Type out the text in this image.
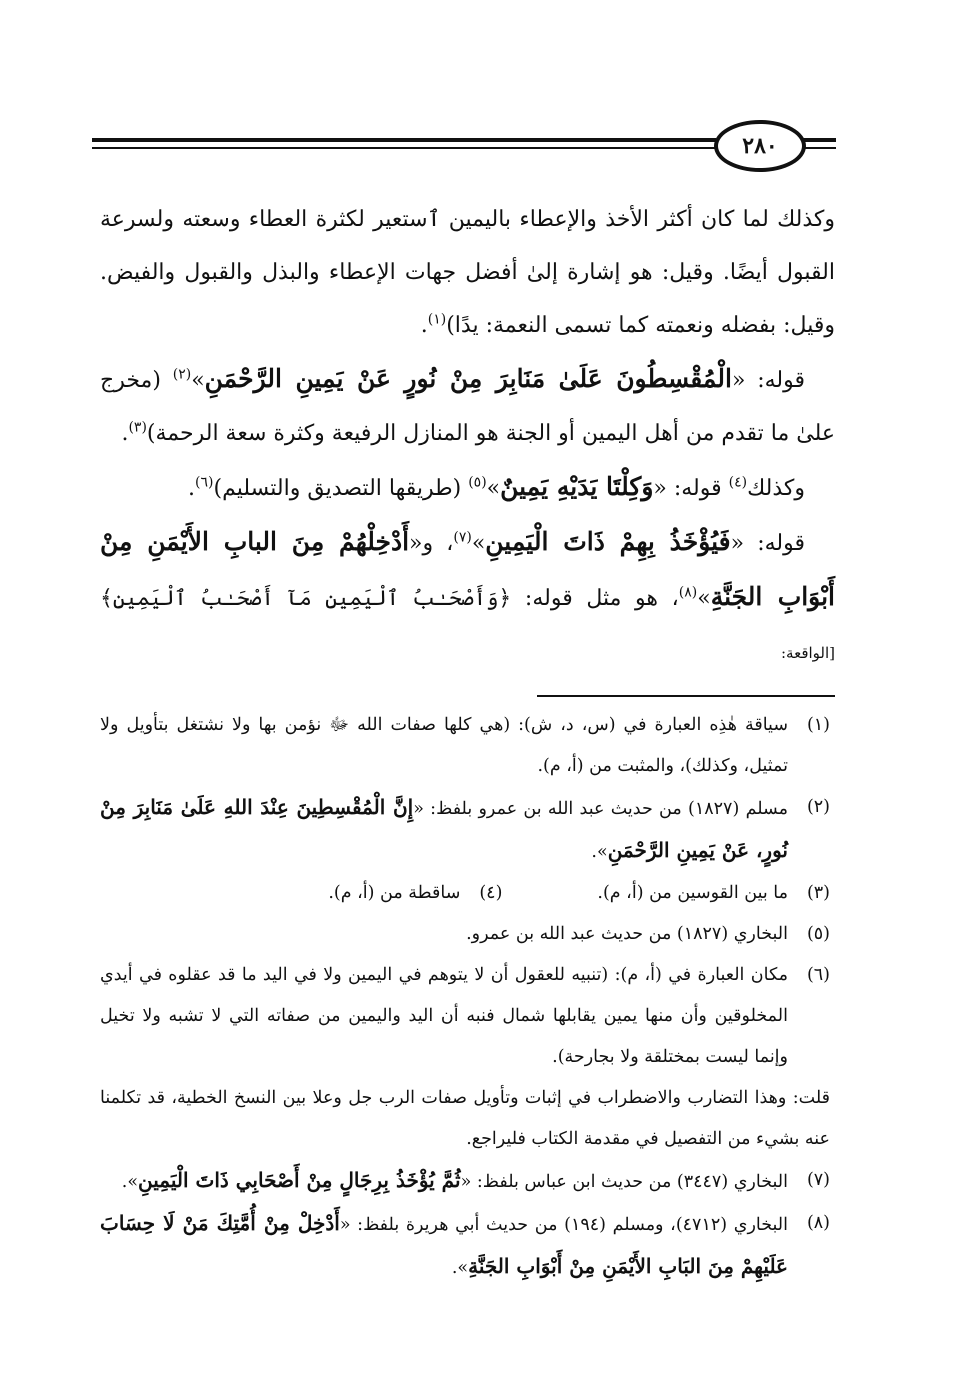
٢٨٠

وكذلك لما كان أكثر الأخذ والإعطاء باليمين ٱستعير لكثرة العطاء وسعته ولسرعة القبول أيضًا. وقيل: هو إشارة إلىٰ أفضل جهات الإعطاء والبذل والقبول والفيض. وقيل: بفضله ونعمته كما تسمى النعمة: يدًا)$^{(١)}$.

قوله: «الْمُقْسِطُونَ عَلَىٰ مَنَابِرَ مِنْ نُورٍ عَنْ يَمِينِ الرَّحْمَنِ»$^{(٢)}$ (مخرج علىٰ ما تقدم من أهل اليمين أو الجنة هو المنازل الرفيعة وكثرة سعة الرحمة)$^{(٣)}$.

وكذلك$^{(٤)}$ قوله: «وَكِلْتَا يَدَيْهِ يَمِينٌ»$^{(٥)}$ (طريقها التصديق والتسليم)$^{(٦)}$.

قوله: «فَيُؤْخَذُ بِهِمْ ذَاتَ الْيَمِينِ»$^{(٧)}$، و«أَدْخِلْهُمْ مِنَ البابِ الأَيْمَنِ مِنْ أَبْوَابِ الجَنَّةِ»$^{(٨)}$، هو مثل قوله: ﴿وَأَصْحَـٰبُ ٱلْيَمِينِ مَآ أَصْحَـٰبُ ٱلْيَمِينِ﴾ [الواقعة:

(١)
سياقة هٰذِه العبارة في (س، د، ش): (هي كلها صفات الله ﷻ نؤمن بها ولا نشتغل بتأويل ولا تمثيل، وكذلك)، والمثبت من (أ، م).
(٢)
مسلم (١٨٢٧) من حديث عبد الله بن عمرو بلفظ: «إِنَّ الْمُقْسِطِينَ عِنْدَ اللهِ عَلَىٰ مَنَابِرَ مِنْ نُورٍ، عَنْ يَمِينِ الرَّحْمَنِ».
(٣)
ما بين القوسين من (أ، م).
(٤)
ساقطة من (أ، م).
(٥)
البخاري (١٨٢٧) من حديث عبد الله بن عمرو.
(٦)
مكان العبارة في (أ، م): (تنبيه للعقول أن لا يتوهم في اليمين ولا في اليد ما قد عقلوه في أيدي المخلوقين وأن منها يمين يقابلها شمال فنبه أن اليد واليمين من صفاته التي لا تشبه ولا تخيل وإنما ليست بمختلقة ولا بجارحة).
قلت: وهذا التضارب والاضطراب في إثبات وتأويل صفات الرب جل وعلا بين النسخ الخطية، قد تكلمنا عنه بشيء من التفصيل في مقدمة الكتاب فليراجع.
(٧)
البخاري (٣٤٤٧) من حديث ابن عباس بلفظ: «ثُمَّ يُؤْخَذُ بِرِجَالٍ مِنْ أَصْحَابِي ذَاتَ الْيَمِينِ».
(٨)
البخاري (٤٧١٢)، ومسلم (١٩٤) من حديث أبي هريرة بلفظ: «أَدْخِلْ مِنْ أُمَّتِكَ مَنْ لَا حِسَابَ عَلَيْهِمْ مِنَ البَابِ الأَيْمَنِ مِنْ أَبْوَابِ الجَنَّةِ».
